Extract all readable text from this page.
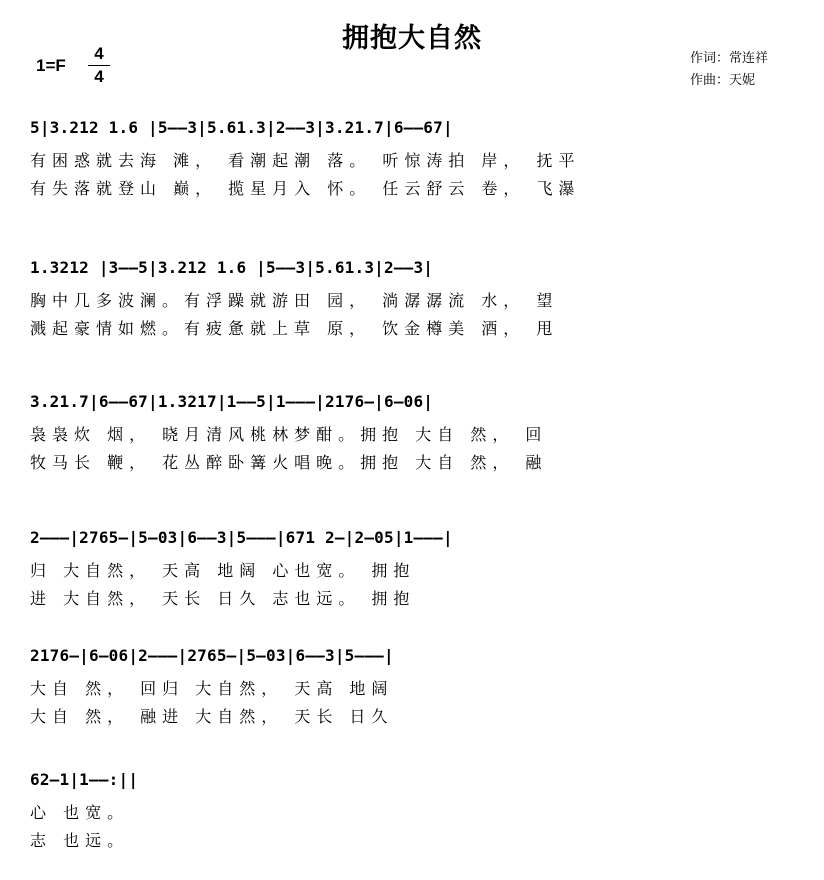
拥抱大自然
1=F
4
4
作词：常连祥
作曲：天妮
5|3.212 1.6 |5——3|5.61.3|2——3|3.21.7|6——67|
有困惑就去海 滩， 看潮起潮 落。 听惊涛拍 岸， 抚平
有失落就登山 巅， 揽星月入 怀。 任云舒云 卷， 飞瀑
1.3212 |3——5|3.212 1.6 |5——3|5.61.3|2——3|
胸中几多波澜。有浮躁就游田 园， 淌潺潺流 水， 望
溅起豪情如燃。有疲惫就上草 原， 饮金樽美 酒， 甩
3.21.7|6——67|1.3217|1——5|1———|2176—|6—06|
袅袅炊 烟， 晓月清风桃林梦酣。拥抱 大自 然， 回
牧马长 鞭， 花丛醉卧篝火唱晚。拥抱 大自 然， 融
2———|2765—|5—03|6——3|5———|671 2—|2—05|1———|
归 大自然， 天高 地阔 心也宽。 拥抱
进 大自然， 天长 日久 志也远。 拥抱
2176—|6—06|2———|2765—|5—03|6——3|5———|
大自 然， 回归 大自然， 天高 地阔
大自 然， 融进 大自然， 天长 日久
62—1|1——:||
心 也宽。
志 也远。
